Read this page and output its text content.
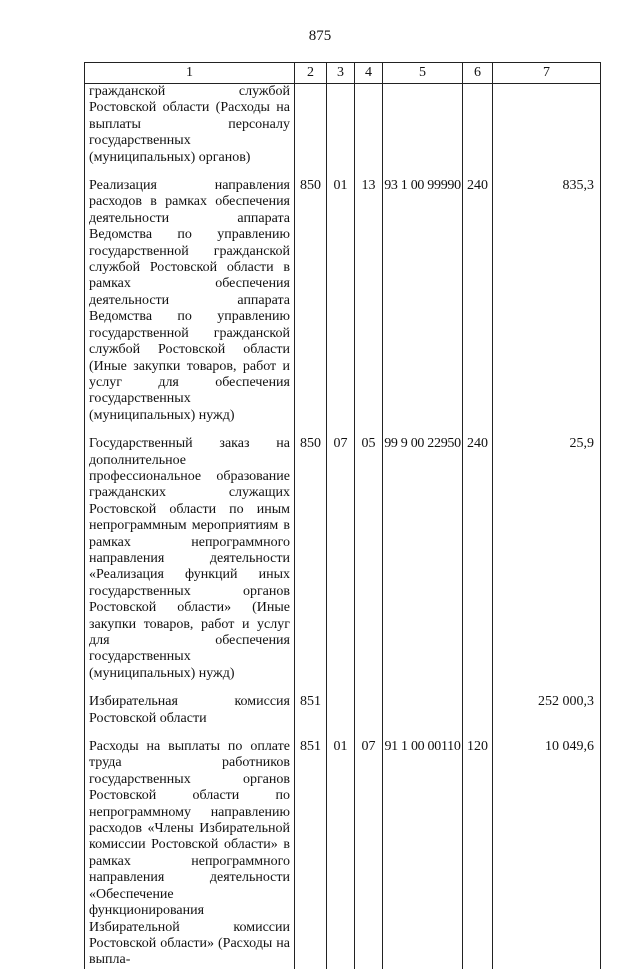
875
1	2	3	4	5	6	7
гражданской службой Ростовской области (Расходы на выплаты персоналу государственных (муниципальных) органов)						
Реализация направления расходов в рамках обеспечения деятельности аппарата Ведомства по управлению государственной гражданской службой Ростовской области в рамках обеспечения деятельности аппарата Ведомства по управлению государственной гражданской службой Ростовской области (Иные закупки товаров, работ и услуг для обеспечения государственных (муниципальных) нужд)	850	01	13	93 1 00 99990	240	835,3
Государственный заказ на дополнительное профессиональное образование гражданских служащих Ростовской области по иным непрограммным мероприятиям в рамках непрограммного направления деятельности «Реализация функций иных государственных органов Ростовской области» (Иные закупки товаров, работ и услуг для обеспечения государственных (муниципальных) нужд)	850	07	05	99 9 00 22950	240	25,9
Избирательная комиссия Ростовской области	851					252 000,3
Расходы на выплаты по оплате труда работников государственных органов Ростовской области по непрограммному направлению расходов «Члены Избирательной комиссии Ростовской области» в рамках непрограммного направления деятельности «Обеспечение функционирования Избирательной комиссии Ростовской области» (Расходы на выпла-	851	01	07	91 1 00 00110	120	10 049,6
